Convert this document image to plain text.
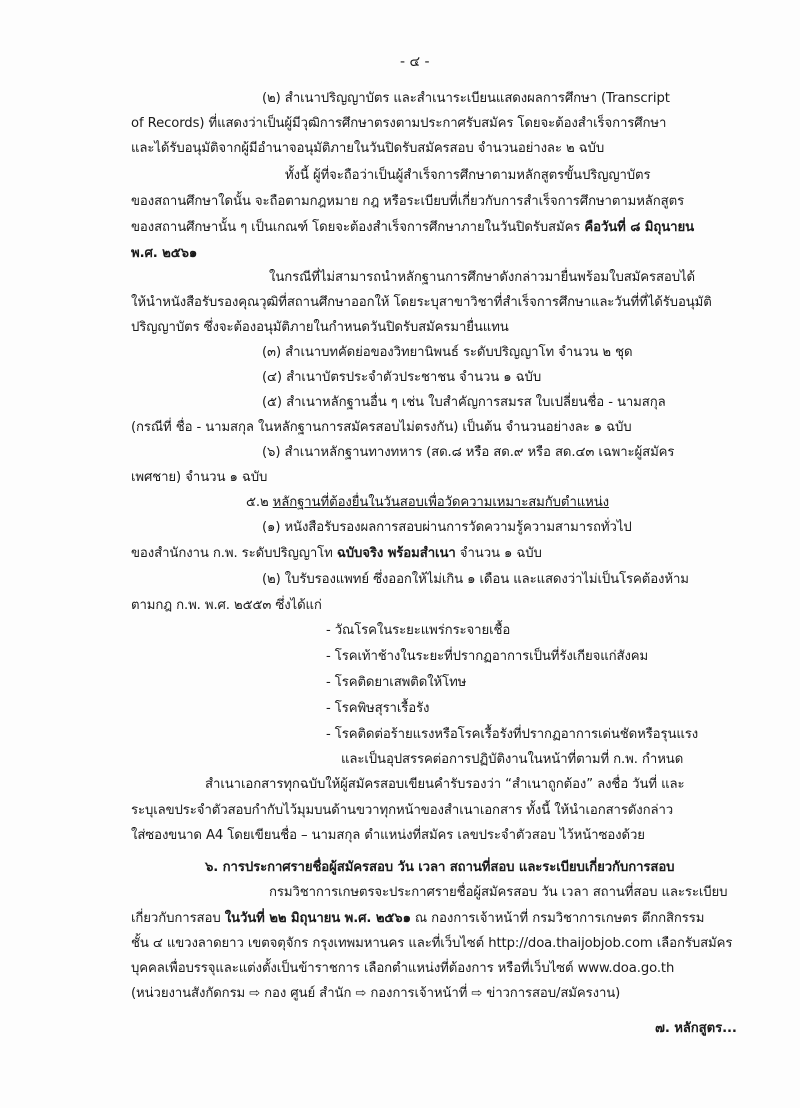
- ๔ -
(๒) สำเนาปริญญาบัตร และสำเนาระเบียนแสดงผลการศึกษา (Transcript
of Records) ที่แสดงว่าเป็นผู้มีวุฒิการศึกษาตรงตามประกาศรับสมัคร โดยจะต้องสำเร็จการศึกษา
และได้รับอนุมัติจากผู้มีอำนาจอนุมัติภายในวันปิดรับสมัครสอบ จำนวนอย่างละ ๒ ฉบับ
ทั้งนี้ ผู้ที่จะถือว่าเป็นผู้สำเร็จการศึกษาตามหลักสูตรขั้นปริญญาบัตร
ของสถานศึกษาใดนั้น จะถือตามกฎหมาย กฎ หรือระเบียบที่เกี่ยวกับการสำเร็จการศึกษาตามหลักสูตร
ของสถานศึกษานั้น ๆ เป็นเกณฑ์ โดยจะต้องสำเร็จการศึกษาภายในวันปิดรับสมัคร คือวันที่ ๘ มิถุนายน
พ.ศ. ๒๕๖๑
ในกรณีที่ไม่สามารถนำหลักฐานการศึกษาดังกล่าวมายื่นพร้อมใบสมัครสอบได้
ให้นำหนังสือรับรองคุณวุฒิที่สถานศึกษาออกให้ โดยระบุสาขาวิชาที่สำเร็จการศึกษาและวันที่ที่ได้รับอนุมัติ
ปริญญาบัตร ซึ่งจะต้องอนุมัติภายในกำหนดวันปิดรับสมัครมายื่นแทน
(๓) สำเนาบทคัดย่อของวิทยานิพนธ์ ระดับปริญญาโท จำนวน ๒ ชุด
(๔) สำเนาบัตรประจำตัวประชาชน จำนวน ๑ ฉบับ
(๕) สำเนาหลักฐานอื่น ๆ เช่น ใบสำคัญการสมรส ใบเปลี่ยนชื่อ - นามสกุล
(กรณีที่ ชื่อ - นามสกุล ในหลักฐานการสมัครสอบไม่ตรงกัน) เป็นต้น จำนวนอย่างละ ๑ ฉบับ
(๖) สำเนาหลักฐานทางทหาร (สด.๘ หรือ สด.๙ หรือ สด.๔๓ เฉพาะผู้สมัคร
เพศชาย) จำนวน ๑ ฉบับ
๕.๒ หลักฐานที่ต้องยื่นในวันสอบเพื่อวัดความเหมาะสมกับตำแหน่ง
(๑) หนังสือรับรองผลการสอบผ่านการวัดความรู้ความสามารถทั่วไป
ของสำนักงาน ก.พ. ระดับปริญญาโท ฉบับจริง พร้อมสำเนา จำนวน ๑ ฉบับ
(๒) ใบรับรองแพทย์ ซึ่งออกให้ไม่เกิน ๑ เดือน และแสดงว่าไม่เป็นโรคต้องห้าม
ตามกฎ ก.พ. พ.ศ. ๒๕๕๓ ซึ่งได้แก่
- วัณโรคในระยะแพร่กระจายเชื้อ
- โรคเท้าช้างในระยะที่ปรากฏอาการเป็นที่รังเกียจแก่สังคม
- โรคติดยาเสพติดให้โทษ
- โรคพิษสุราเรื้อรัง
- โรคติดต่อร้ายแรงหรือโรคเรื้อรังที่ปรากฏอาการเด่นชัดหรือรุนแรง
และเป็นอุปสรรคต่อการปฏิบัติงานในหน้าที่ตามที่ ก.พ. กำหนด
สำเนาเอกสารทุกฉบับให้ผู้สมัครสอบเขียนคำรับรองว่า “สำเนาถูกต้อง” ลงชื่อ วันที่ และ
ระบุเลขประจำตัวสอบกำกับไว้มุมบนด้านขวาทุกหน้าของสำเนาเอกสาร ทั้งนี้ ให้นำเอกสารดังกล่าว
ใส่ซองขนาด A4 โดยเขียนชื่อ – นามสกุล ตำแหน่งที่สมัคร เลขประจำตัวสอบ ไว้หน้าซองด้วย
๖. การประกาศรายชื่อผู้สมัครสอบ วัน เวลา สถานที่สอบ และระเบียบเกี่ยวกับการสอบ
กรมวิชาการเกษตรจะประกาศรายชื่อผู้สมัครสอบ วัน เวลา สถานที่สอบ และระเบียบ
เกี่ยวกับการสอบ ในวันที่ ๒๒ มิถุนายน พ.ศ. ๒๕๖๑ ณ กองการเจ้าหน้าที่ กรมวิชาการเกษตร ตึกกสิกรรม
ชั้น ๔ แขวงลาดยาว เขตจตุจักร กรุงเทพมหานคร และที่เว็บไซต์ http://doa.thaijobjob.com เลือกรับสมัคร
บุคคลเพื่อบรรจุและแต่งตั้งเป็นข้าราชการ เลือกตำแหน่งที่ต้องการ หรือที่เว็บไซต์ www.doa.go.th
(หน่วยงานสังกัดกรม ⇨ กอง ศูนย์ สำนัก ⇨ กองการเจ้าหน้าที่ ⇨ ข่าวการสอบ/สมัครงาน)
๗. หลักสูตร...
